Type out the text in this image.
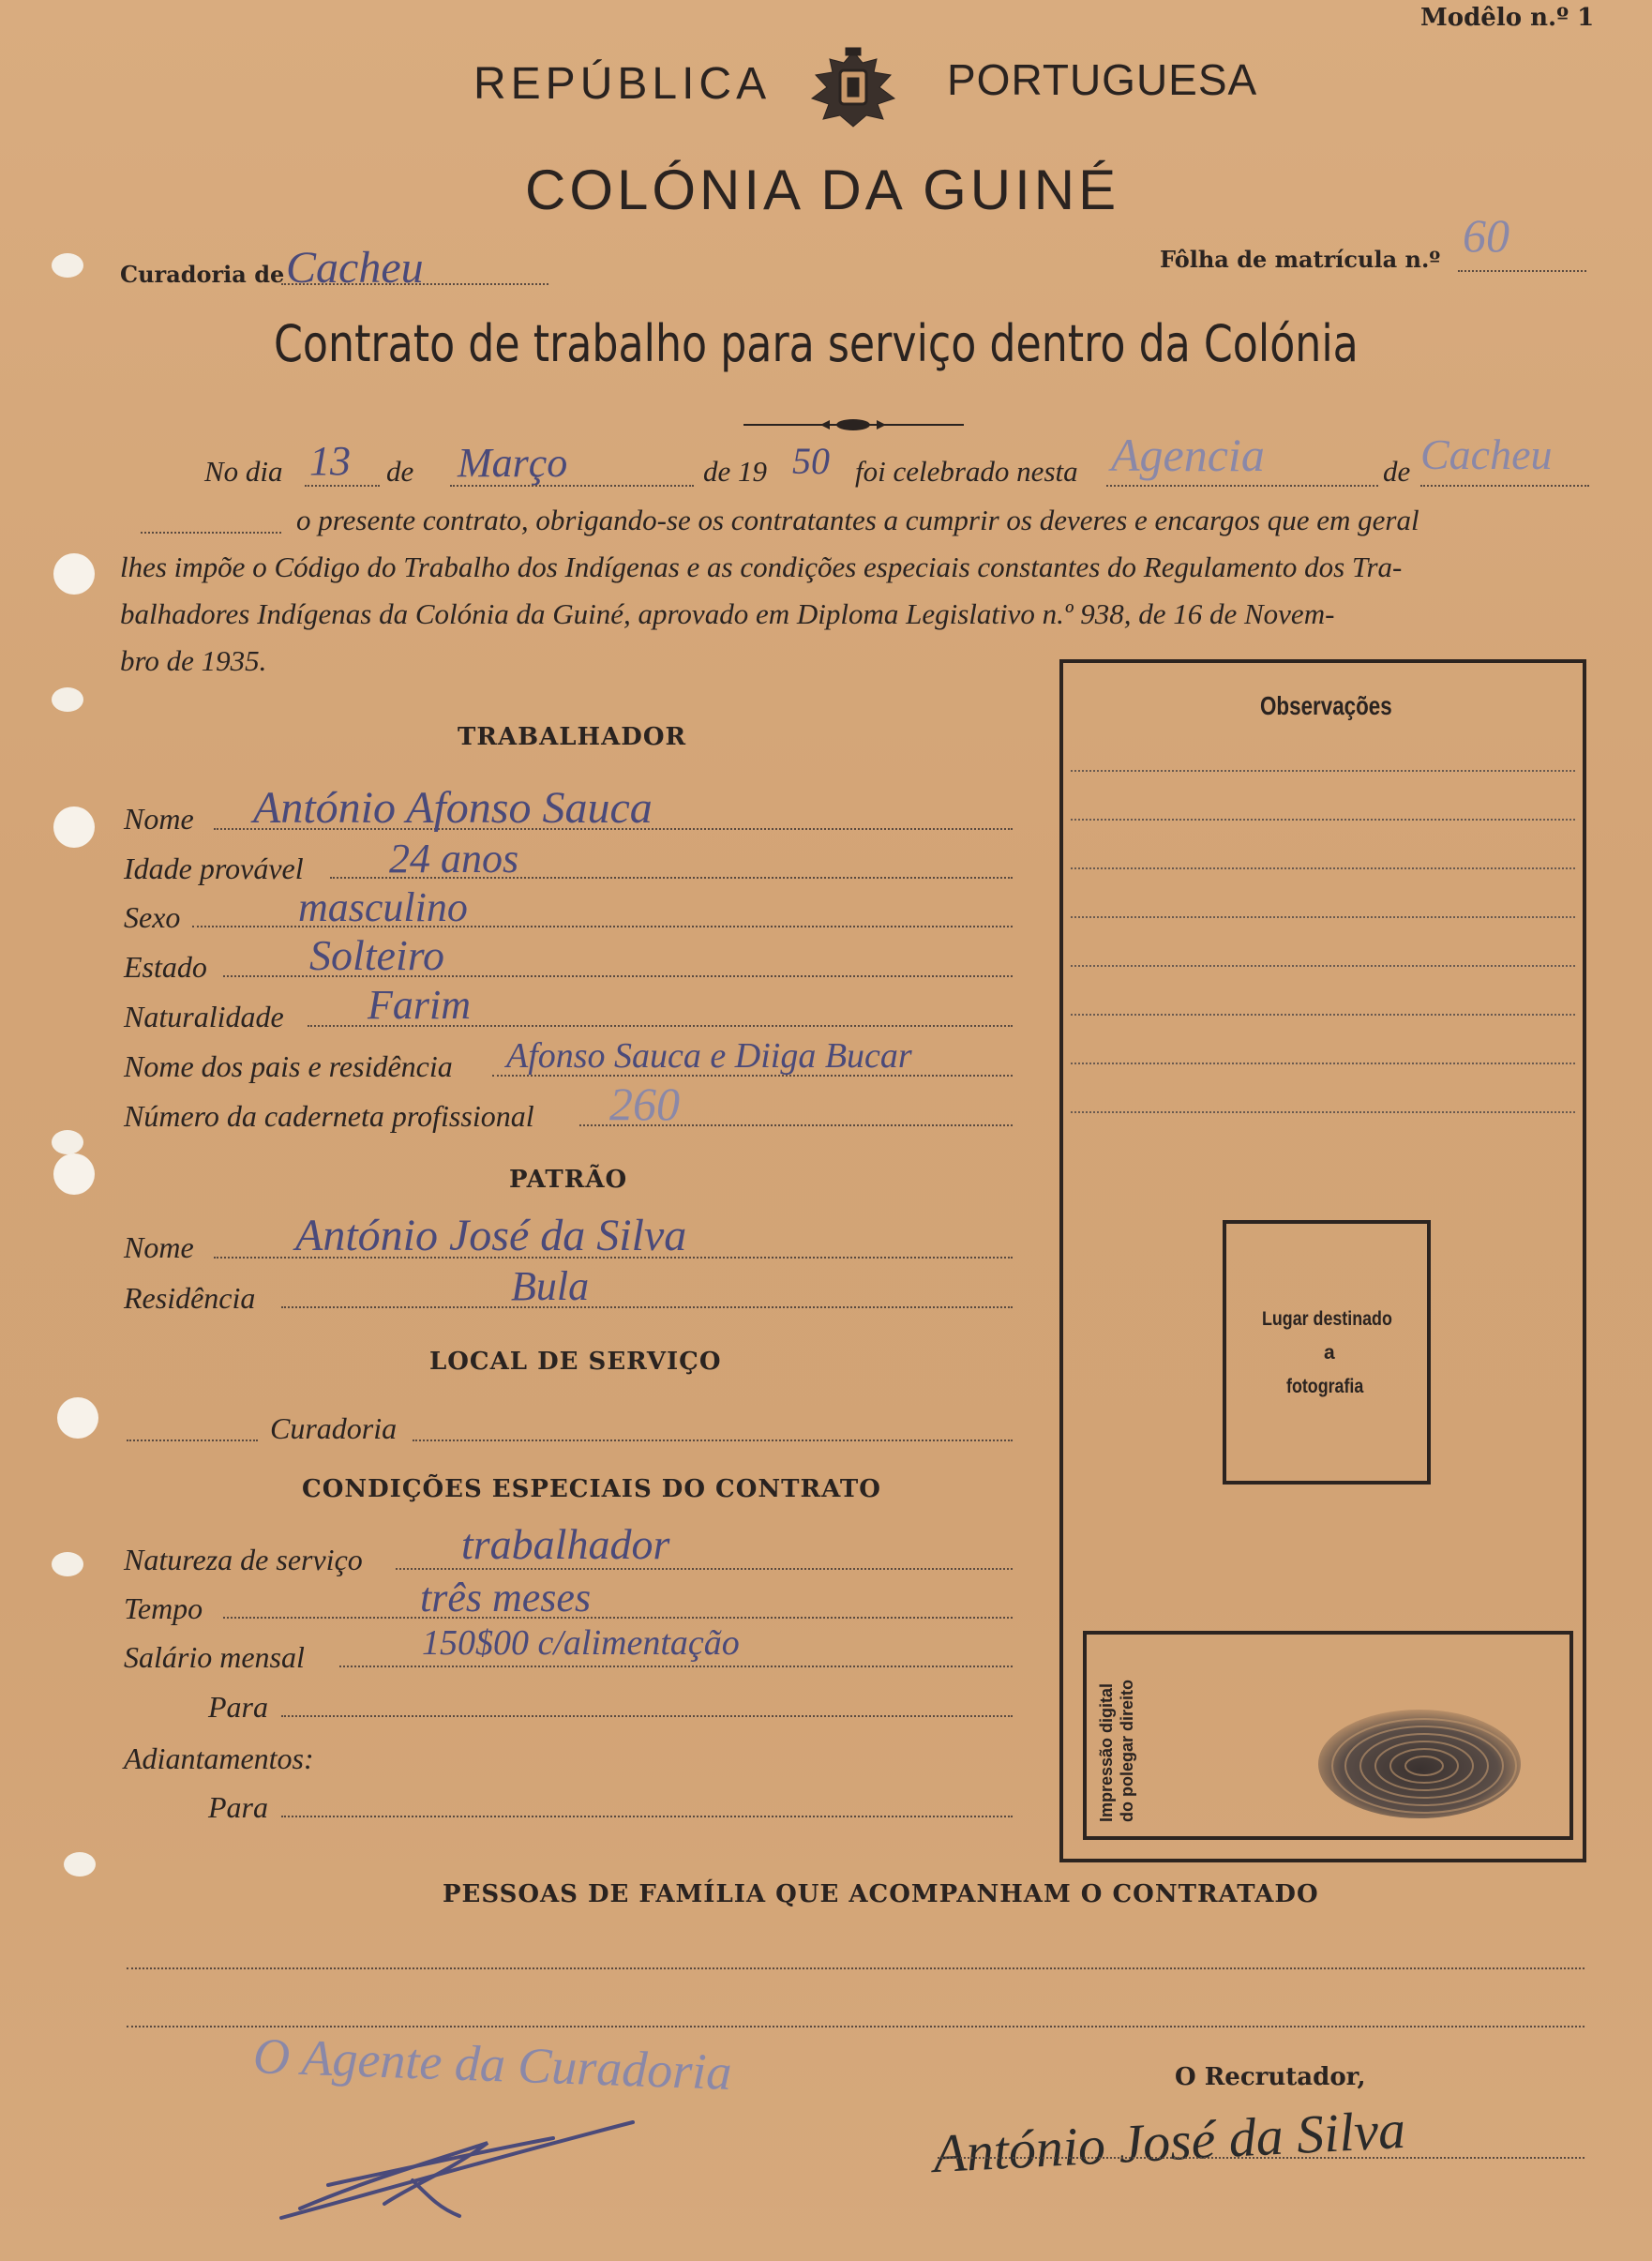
Modêlo n.º 1
REPÚBLICA	PORTUGUESA
COLÓNIA DA GUINÉ
Curadoria de Cacheu	Fôlha de matrícula n.º 60
Contrato de trabalho para serviço dentro da Colónia
No dia 13 de Março	de 19 50 foi celebrado nesta Agencia	de Cacheu
o presente contrato, obrigando-se os contratantes a cumprir os deveres e encargos que em geral
lhes impõe o Código do Trabalho dos Indígenas e as condições especiais constantes do Regulamento dos Tra-
balhadores Indígenas da Colónia da Guiné, aprovado em Diploma Legislativo n.º 938, de 16 de Novem-
bro de 1935.
TRABALHADOR
Nome António Afonso Sauca
Idade provável 24 anos
Sexo	masculino
Estado Solteiro
Naturalidade Farim
Nome dos pais e residência Afonso Sauca e Diiga Bucar
Número da caderneta profissional 260
PATRÃO
Nome António José da Silva
Residência	Bula
LOCAL DE SERVIÇO
Curadoria
CONDIÇÕES ESPECIAIS DO CONTRATO
Natureza de serviço trabalhador
Tempo	três meses
Salário mensal	150$00 c/alimentação
Para
Adiantamentos:
Para
Observações
Lugar destinado
a
fotografia
Impressão digital do polegar direito
PESSOAS DE FAMÍLIA QUE ACOMPANHAM O CONTRATADO
O Agente da Curadoria	O Recrutador,
António José da Silva
